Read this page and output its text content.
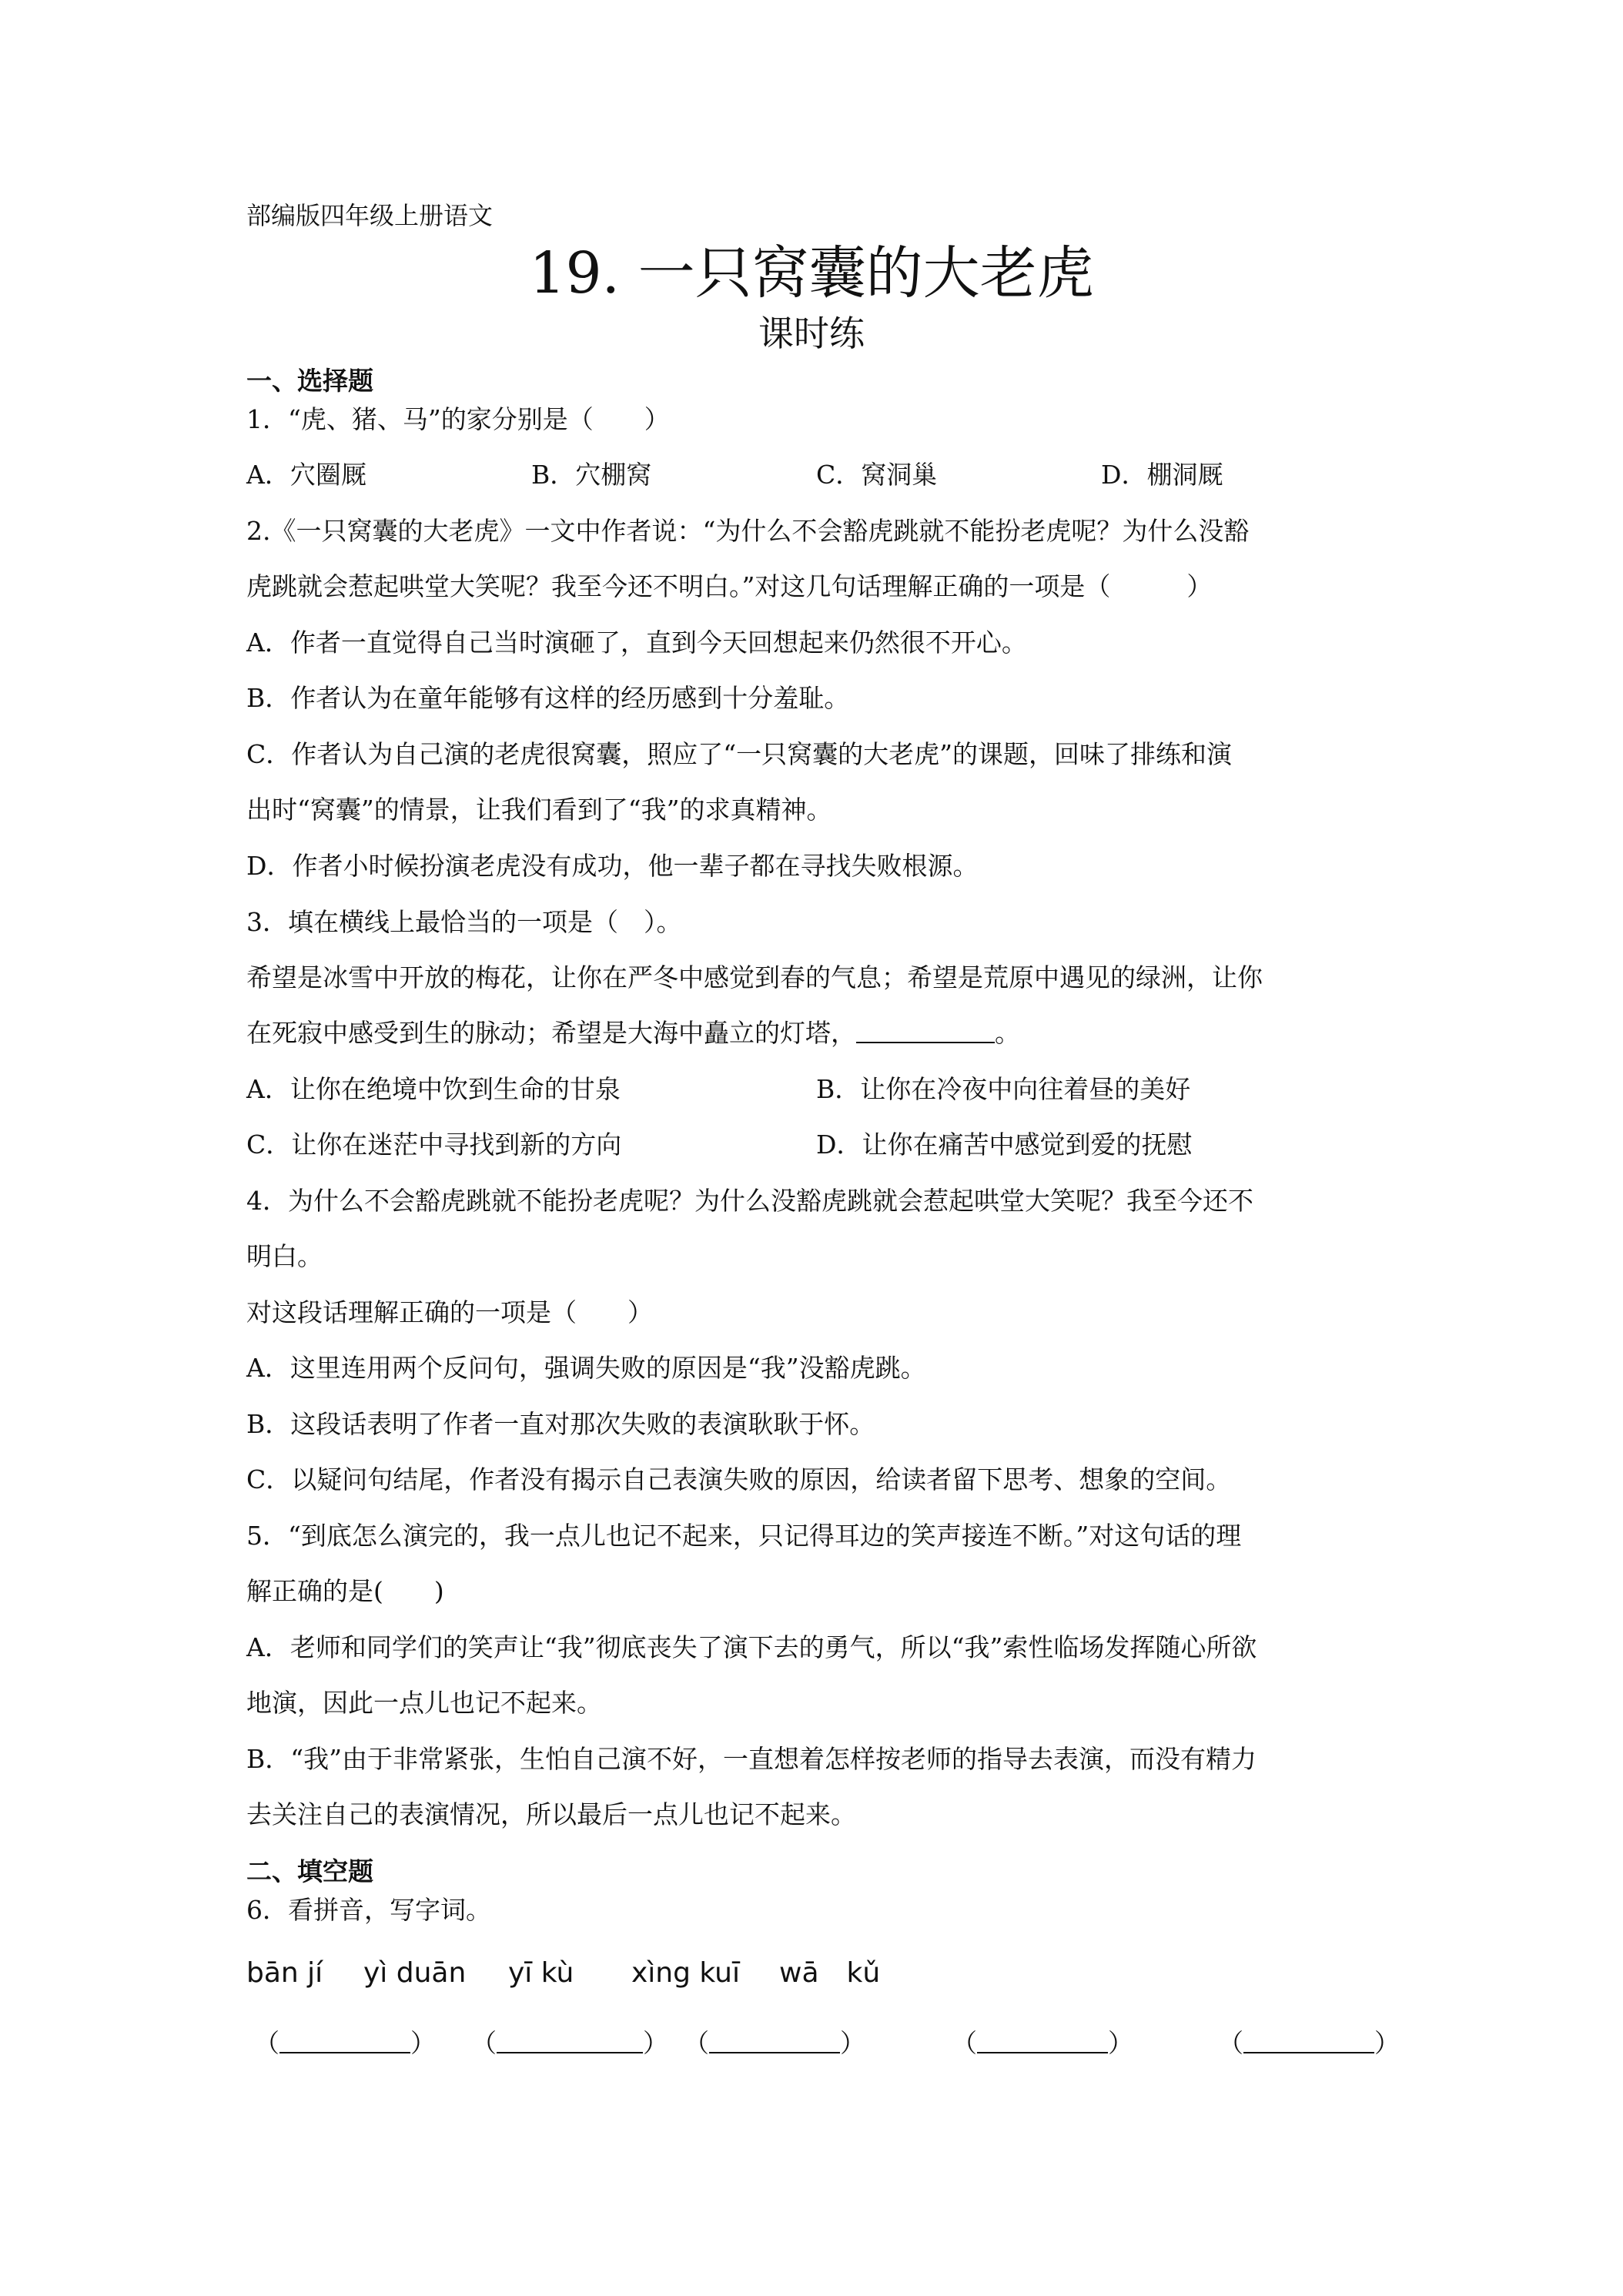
部编版四年级上册语文
19. 一只窝囊的大老虎
课时练
一、选择题
1．“虎、猪、马”的家分别是（　　）
A．穴圈厩	B．穴棚窝	C．窝洞巢	D．棚洞厩
2.《一只窝囊的大老虎》一文中作者说：“为什么不会豁虎跳就不能扮老虎呢？为什么没豁
虎跳就会惹起哄堂大笑呢？我至今还不明白。”对这几句话理解正确的一项是（　　　）
A．作者一直觉得自己当时演砸了，直到今天回想起来仍然很不开心。
B．作者认为在童年能够有这样的经历感到十分羞耻。
C．作者认为自己演的老虎很窝囊，照应了“一只窝囊的大老虎”的课题，回味了排练和演
出时“窝囊”的情景，让我们看到了“我”的求真精神。
D．作者小时候扮演老虎没有成功，他一辈子都在寻找失败根源。
3．填在横线上最恰当的一项是（　）。
希望是冰雪中开放的梅花，让你在严冬中感觉到春的气息；希望是荒原中遇见的绿洲，让你
在死寂中感受到生的脉动；希望是大海中矗立的灯塔，	。
A．让你在绝境中饮到生命的甘泉	B．让你在冷夜中向往着昼的美好
C．让你在迷茫中寻找到新的方向	D．让你在痛苦中感觉到爱的抚慰
4．为什么不会豁虎跳就不能扮老虎呢？为什么没豁虎跳就会惹起哄堂大笑呢？我至今还不
明白。
对这段话理解正确的一项是（　　）
A．这里连用两个反问句，强调失败的原因是“我”没豁虎跳。
B．这段话表明了作者一直对那次失败的表演耿耿于怀。
C．以疑问句结尾，作者没有揭示自己表演失败的原因，给读者留下思考、想象的空间。
5．“到底怎么演完的，我一点儿也记不起来，只记得耳边的笑声接连不断。”对这句话的理
解正确的是(　　)
A．老师和同学们的笑声让“我”彻底丧失了演下去的勇气，所以“我”索性临场发挥随心所欲
地演，因此一点儿也记不起来。
B．“我”由于非常紧张，生怕自己演不好，一直想着怎样按老师的指导去表演，而没有精力
去关注自己的表演情况，所以最后一点儿也记不起来。
二、填空题
6．看拼音，写字词。
bān jí yì duān yī kù xìng kuī wā　kǔ
（	） （	） （	）	（	）	（	）
